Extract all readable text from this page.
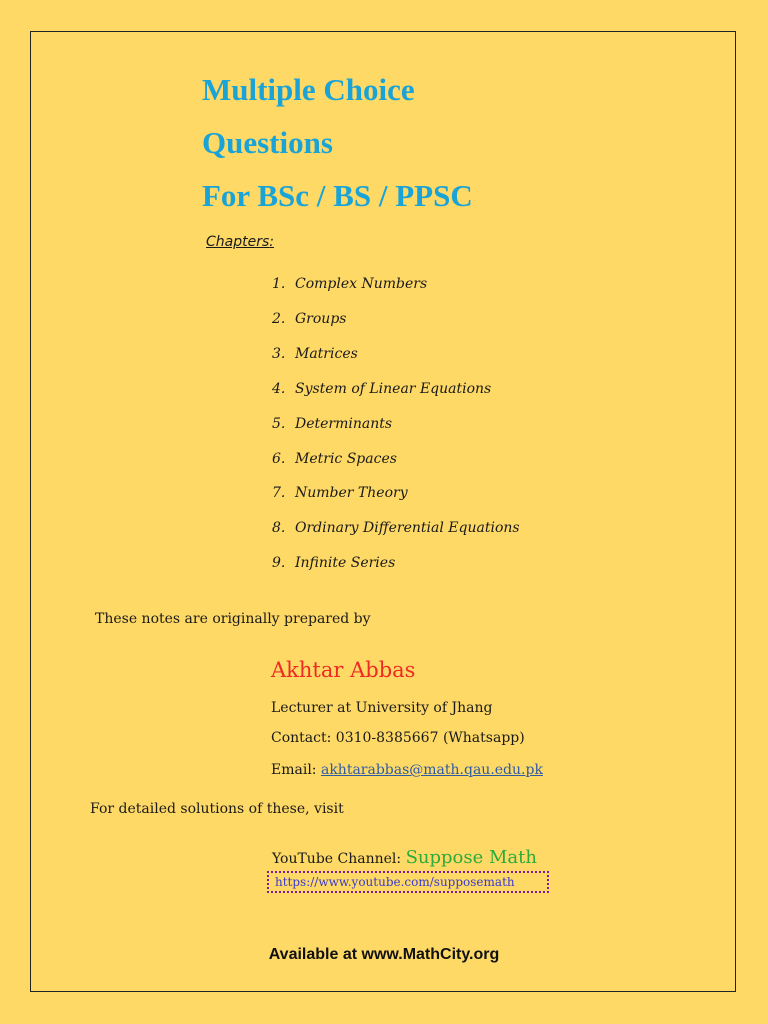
Multiple Choice
Questions
For BSc / BS / PPSC
Chapters:
1. Complex Numbers
2. Groups
3. Matrices
4. System of Linear Equations
5. Determinants
6. Metric Spaces
7. Number Theory
8. Ordinary Differential Equations
9. Infinite Series
These notes are originally prepared by
Akhtar Abbas
Lecturer at University of Jhang
Contact: 0310-8385667 (Whatsapp)
Email: akhtarabbas@math.qau.edu.pk
For detailed solutions of these, visit
YouTube Channel: Suppose Math
https://www.youtube.com/supposemath
Available at www.MathCity.org
